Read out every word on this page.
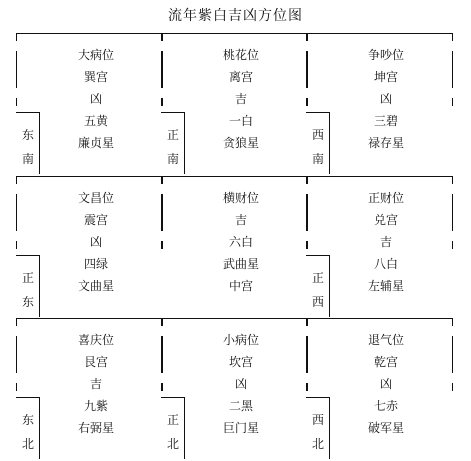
流年紫白吉凶方位图
东
南
大病位
巽宫
凶
五黄
廉贞星
正
南
桃花位
离宫
吉
一白
贪狼星
西
南
争吵位
坤宫
凶
三碧
禄存星
正
东
文昌位
震宫
凶
四绿
文曲星
横财位
吉
六白
武曲星
中宫
正
西
正财位
兑宫
吉
八白
左辅星
东
北
喜庆位
艮宫
吉
九紫
右弼星
正
北
小病位
坎宫
凶
二黑
巨门星
西
北
退气位
乾宫
凶
七赤
破军星
